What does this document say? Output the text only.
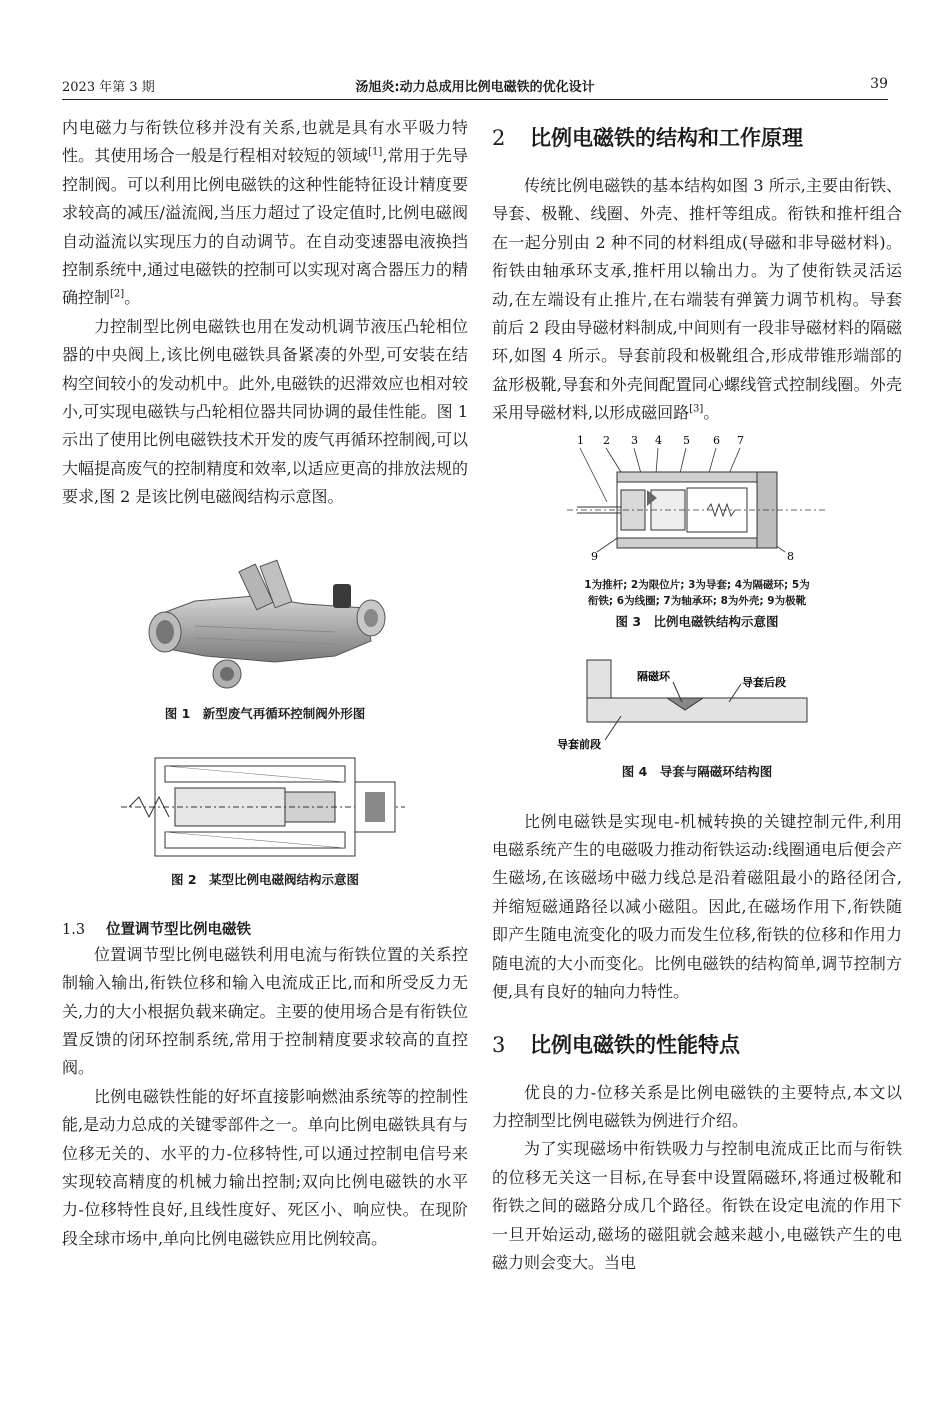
2023 年第 3 期	汤旭炎:动力总成用比例电磁铁的优化设计	39

内电磁力与衔铁位移并没有关系,也就是具有水平吸力特性。其使用场合一般是行程相对较短的领域[1],常用于先导控制阀。可以利用比例电磁铁的这种性能特征设计精度要求较高的减压/溢流阀,当压力超过了设定值时,比例电磁阀自动溢流以实现压力的自动调节。在自动变速器电液换挡控制系统中,通过电磁铁的控制可以实现对离合器压力的精确控制[2]。

力控制型比例电磁铁也用在发动机调节液压凸轮相位器的中央阀上,该比例电磁铁具备紧凑的外型,可安装在结构空间较小的发动机中。此外,电磁铁的迟滞效应也相对较小,可实现电磁铁与凸轮相位器共同协调的最佳性能。图 1 示出了使用比例电磁铁技术开发的废气再循环控制阀,可以大幅提高废气的控制精度和效率,以适应更高的排放法规的要求,图 2 是该比例电磁阀结构示意图。

图 1　新型废气再循环控制阀外形图
图 2　某型比例电磁阀结构示意图
1.3 位置调节型比例电磁铁

位置调节型比例电磁铁利用电流与衔铁位置的关系控制输入输出,衔铁位移和输入电流成正比,而和所受反力无关,力的大小根据负载来确定。主要的使用场合是有衔铁位置反馈的闭环控制系统,常用于控制精度要求较高的直控阀。

比例电磁铁性能的好坏直接影响燃油系统等的控制性能,是动力总成的关键零部件之一。单向比例电磁铁具有与位移无关的、水平的力-位移特性,可以通过控制电信号来实现较高精度的机械力输出控制;双向比例电磁铁的水平力-位移特性良好,且线性度好、死区小、响应快。在现阶段全球市场中,单向比例电磁铁应用比例较高。

2 比例电磁铁的结构和工作原理

传统比例电磁铁的基本结构如图 3 所示,主要由衔铁、导套、极靴、线圈、外壳、推杆等组成。衔铁和推杆组合在一起分别由 2 种不同的材料组成(导磁和非导磁材料)。衔铁由轴承环支承,推杆用以输出力。为了使衔铁灵活运动,在左端设有止推片,在右端装有弹簧力调节机构。导套前后 2 段由导磁材料制成,中间则有一段非导磁材料的隔磁环,如图 4 所示。导套前段和极靴组合,形成带锥形端部的盆形极靴,导套和外壳间配置同心螺线管式控制线圈。外壳采用导磁材料,以形成磁回路[3]。

1 2 3 4 5 6 7
9	8
1为推杆; 2为限位片; 3为导套; 4为隔磁环; 5为
衔铁; 6为线圈; 7为轴承环; 8为外壳; 9为极靴
图 3　比例电磁铁结构示意图
隔磁环	导套后段
导套前段
图 4　导套与隔磁环结构图

比例电磁铁是实现电-机械转换的关键控制元件,利用电磁系统产生的电磁吸力推动衔铁运动:线圈通电后便会产生磁场,在该磁场中磁力线总是沿着磁阻最小的路径闭合,并缩短磁通路径以减小磁阻。因此,在磁场作用下,衔铁随即产生随电流变化的吸力而发生位移,衔铁的位移和作用力随电流的大小而变化。比例电磁铁的结构简单,调节控制方便,具有良好的轴向力特性。

3 比例电磁铁的性能特点

优良的力-位移关系是比例电磁铁的主要特点,本文以力控制型比例电磁铁为例进行介绍。

为了实现磁场中衔铁吸力与控制电流成正比而与衔铁的位移无关这一目标,在导套中设置隔磁环,将通过极靴和衔铁之间的磁路分成几个路径。衔铁在设定电流的作用下一旦开始运动,磁场的磁阻就会越来越小,电磁铁产生的电磁力则会变大。当电
